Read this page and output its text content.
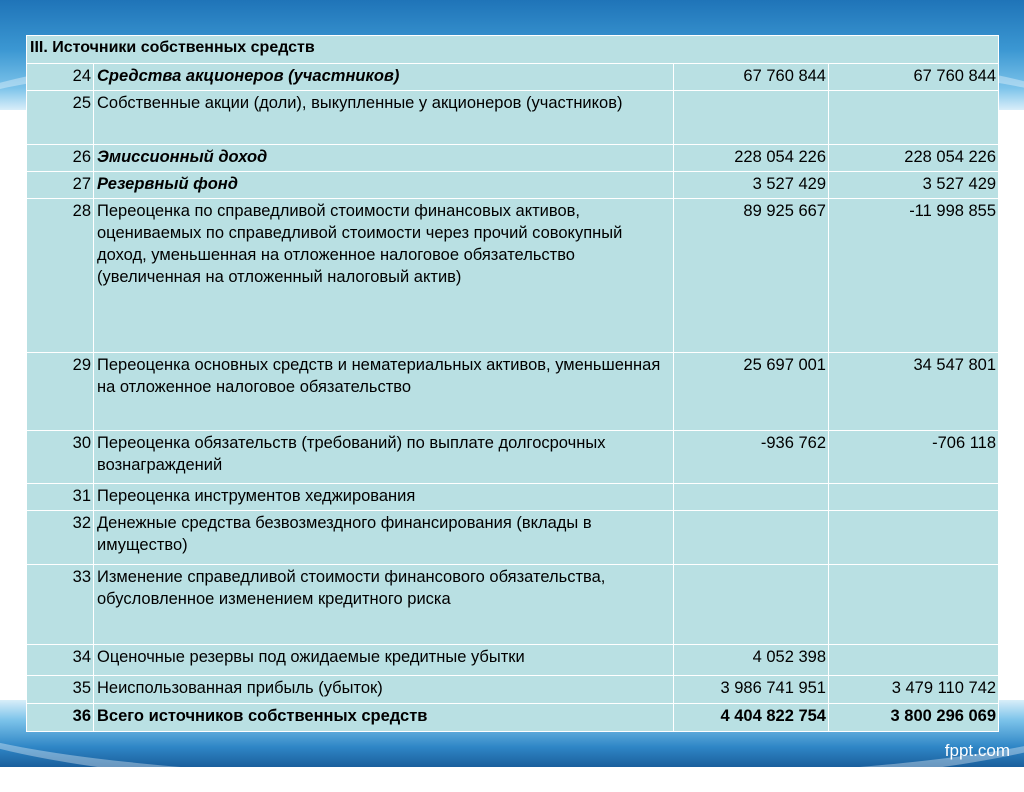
III. Источники собственных средств			
24	Средства акционеров (участников)	67 760 844	67 760 844
25	Собственные акции (доли), выкупленные у акционеров (участников)		
26	Эмиссионный доход	228 054 226	228 054 226
27	Резервный фонд	3 527 429	3 527 429
28	Переоценка по справедливой стоимости финансовых активов, оцениваемых по справедливой стоимости через прочий совокупный доход, уменьшенная на отложенное налоговое обязательство (увеличенная на отложенный налоговый актив)	89 925 667	-11 998 855
29	Переоценка основных средств и нематериальных активов, уменьшенная на отложенное налоговое обязательство	25 697 001	34 547 801
30	Переоценка обязательств (требований) по выплате долгосрочных вознаграждений	-936 762	-706 118
31	Переоценка инструментов хеджирования		
32	Денежные средства безвозмездного финансирования (вклады в имущество)		
33	Изменение справедливой стоимости финансового обязательства, обусловленное изменением кредитного риска		
34	Оценочные резервы под ожидаемые кредитные убытки	4 052 398	
35	Неиспользованная прибыль (убыток)	3 986 741 951	3 479 110 742
36	Всего источников собственных средств	4 404 822 754	3 800 296 069
fppt.com
